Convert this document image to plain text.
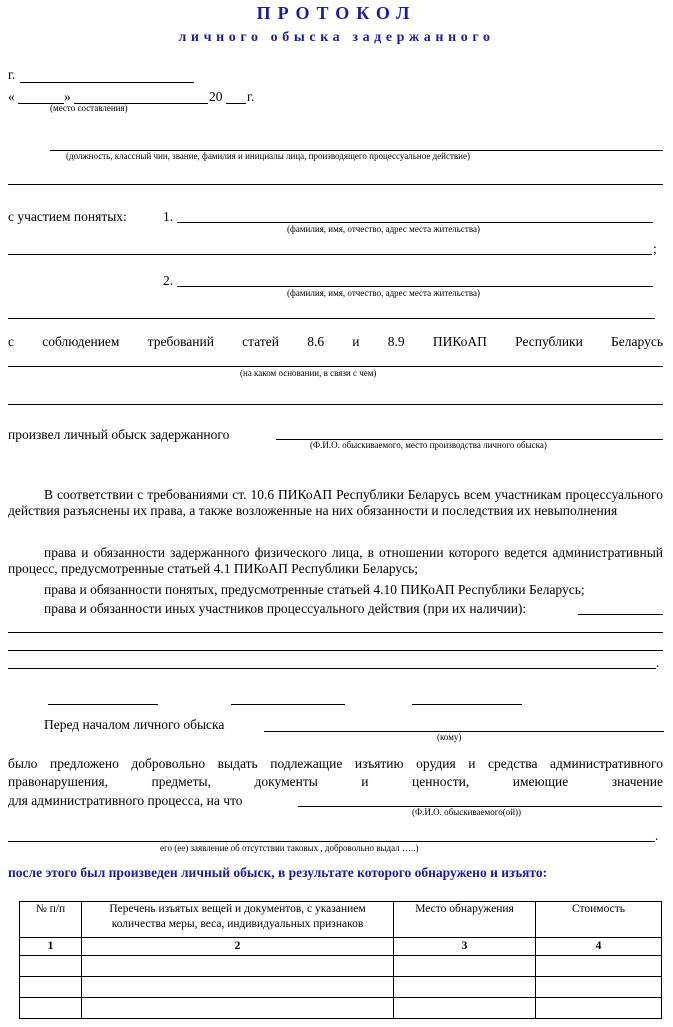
ПРОТОКОЛ
личного обыска задержанного
г.
«	»	20 г.
(место составления)
(должность, классный чин, звание, фамилия и инициалы лица, производящего процессуальное действие)
с участием понятых:	1.
(фамилия, имя, отчество, адрес места жительства)
;
2.
(фамилия, имя, отчество, адрес места жительства)
с соблюдением требований статей 8.6 и 8.9 ПИКоАП Республики Беларусь
(на каком основании, в связи с чем)
произвел личный обыск задержанного
(Ф.И.О. обыскиваемого, место производства личного обыска)
В соответствии с требованиями ст. 10.6 ПИКоАП Республики Беларусь всем участникам процессуального действия разъяснены их права, а также возложенные на них обязанности и последствия их невыполнения
права и обязанности задержанного физического лица, в отношении которого ведется административный процесс, предусмотренные статьей 4.1 ПИКоАП Республики Беларусь;
права и обязанности понятых, предусмотренные статьей 4.10 ПИКоАП Республики Беларусь;
права и обязанности иных участников процессуального действия (при их наличии):
.
Перед началом личного обыска
(кому)
было предложено добровольно выдать подлежащие изъятию орудия и средства административного правонарушения, предметы, документы и ценности, имеющие значение
для административного процесса, на что
(Ф.И.О. обыскиваемого(ой))
.
его (ее) заявление об отсутствии таковых , добровольно выдал …..)
после этого был произведен личный обыск, в результате которого обнаружено и изъято:
№ п/п	Перечень изъятых вещей и документов, с указанием количества меры, веса, индивидуальных признаков	Место обнаружения	Стоимость
1	2	3	4
